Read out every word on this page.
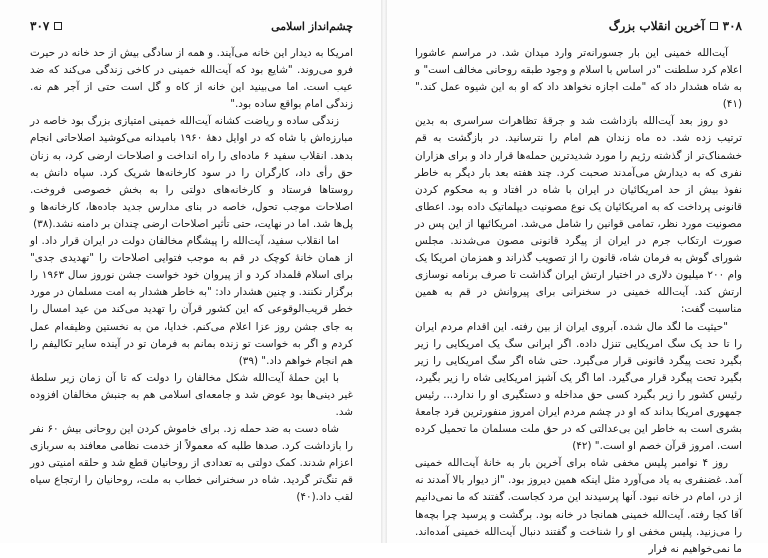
چشم‌انداز اسلامی
۳۰۷

امریکا به دیدار این خانه می‌آیند. و همه از سادگی بیش از حد خانه در حیرت فرو می‌روند. "شایع بود که آیت‌الله خمینی در کاخی زندگی می‌کند که ضد عیب است. اما می‌بینید این خانه از کاه و گل است حتی از آجر هم نه. زندگی امام بواقع ساده بود."

زندگی ساده و ریاضت کشانه آیت‌الله خمینی امتیازی بزرگ بود خاصه در مبارزه‌اش با شاه که در اوایل دههٔ ۱۹۶۰ بامیدانه می‌کوشید اصلاحاتی انجام بدهد. انقلاب سفید ۶ ماده‌ای را راه انداخت و اصلاحات ارضی کرد، به زنان حق رأی داد، کارگران را در سود کارخانه‌ها شریک کرد. سپاه دانش به روستاها فرستاد و کارخانه‌های دولتی را به بخش خصوصی فروخت. اصلاحات موجب تحول، خاصه در بنای مدارس جدید جاده‌ها، کارخانه‌ها و پل‌ها شد. اما در نهایت، حتی تأثیر اصلاحات ارضی چندان بر دامنه نشد.(۳۸)

اما انقلاب سفید، آیت‌الله را پیشگام مخالفان دولت در ایران قرار داد. او از همان خانهٔ کوچک در قم به موجب فتوایی اصلاحات را "تهدیدی جدی" برای اسلام قلمداد کرد و از پیروان خود خواست جشن نوروز سال ۱۹۶۳ را برگزار نکنند. و چنین هشدار داد: "به خاطر هشدار به امت مسلمان در مورد خطر قریب‌الوقوعی که این کشور قرآن را تهدید می‌کند من عید امسال را به جای جشن روز عزا اعلام می‌کنم. خدایا، من به نخستین وظیفه‌ام عمل کردم و اگر به خواست تو زنده بمانم به فرمان تو در آینده سایر تکالیفم را هم انجام خواهم داد." (۳۹)

با این حملهٔ آیت‌الله شکل مخالفان را دولت که تا آن زمان زیر سلطهٔ غیر دینی‌ها بود عوض شد و جامعه‌ای اسلامی هم به جنبش مخالفان افزوده شد.

شاه دست به ضد حمله زد. برای خاموش کردن این روحانی بیش ۶۰ نفر را بازداشت کرد. صدها طلبه که معمولاً از خدمت نظامی معافند به سربازی اعزام شدند. کمک دولتی به تعدادی از روحانیان قطع شد و حلقه امنیتی دور قم تنگ‌تر گردید. شاه در سخنرانی خطاب به ملت، روحانیان را ارتجاع سیاه لقب داد.(۴۰)

۳۰۸
آخرین انقلاب بزرگ

آیت‌الله خمینی این بار جسورانه‌تر وارد میدان شد. در مراسم عاشورا اعلام کرد سلطنت "در اساس با اسلام و وجود طبقه روحانی مخالف است" و به شاه هشدار داد که "ملت اجازه نخواهد داد که او به این شیوه عمل کند."(۴۱)

دو روز بعد آیت‌الله بازداشت شد و جرقهٔ تظاهرات سراسری به بدین ترتیب زده شد. ده ماه زندان هم امام را نترسانید. در بازگشت به قم خشمناک‌تر از گذشته رژیم را مورد شدیدترین حمله‌ها قرار داد و برای هزاران نفری که به دیدارش می‌آمدند صحبت کرد. چند هفته بعد بار دیگر به خاطر نفوذ بیش از حد امریکائیان در ایران با شاه در افتاد و به محکوم کردن قانونی پرداخت که به امریکائیان یک نوع مصونیت دیپلماتیک داده بود. اعطای مصونیت مورد نظر، تمامی قوانین را شامل می‌شد. امریکائیها از این پس در صورت ارتکاب جرم در ایران از پیگرد قانونی مصون می‌شدند. مجلس شورای گوش به فرمان شاه، قانون را از تصویب گذراند و همزمان امریکا یک وام ۲۰۰ میلیون دلاری در اختیار ارتش ایران گذاشت تا صرف برنامه نوسازی ارتش کند. آیت‌الله خمینی در سخنرانی برای پیروانش در قم به همین مناسبت گفت:

"حیثیت ما لگد مال شده. آبروی ایران از بین رفته. این اقدام مردم ایران را تا حد یک سگ امریکایی تنزل داده. اگر ایرانی سگ یک امریکایی را زیر بگیرد تحت پیگرد قانونی قرار می‌گیرد. حتی شاه اگر سگ امریکایی را زیر بگیرد تحت پیگرد قرار می‌گیرد. اما اگر یک آشپز امریکایی شاه را زیر بگیرد، رئیس کشور را زیر بگیرد کسی حق مداخله و دستگیری او را ندارد... رئیس جمهوری امریکا بداند که او در چشم مردم ایران امروز منفورترین فرد جامعهٔ بشری است به خاطر این بی‌عدالتی که در حق ملت مسلمان ما تحمیل کرده است. امروز قرآن خصم او است." (۴۲)

روز ۴ نوامبر پلیس مخفی شاه برای آخرین بار به خانهٔ آیت‌الله خمینی آمد. غضنفری به یاد می‌آورد مثل اینکه همین دیروز بود. "از دیوار بالا آمدند نه از در، امام در خانه نبود. آنها پرسیدند این مرد کجاست. گفتند که ما نمی‌دانیم آقا کجا رفته. آیت‌الله خمینی همانجا در خانه بود. برگشت و پرسید چرا بچه‌ها را می‌زنید. پلیس مخفی او را شناخت و گفتند دنبال آیت‌الله خمینی آمده‌اند. ما نمی‌خواهیم نه فرار
